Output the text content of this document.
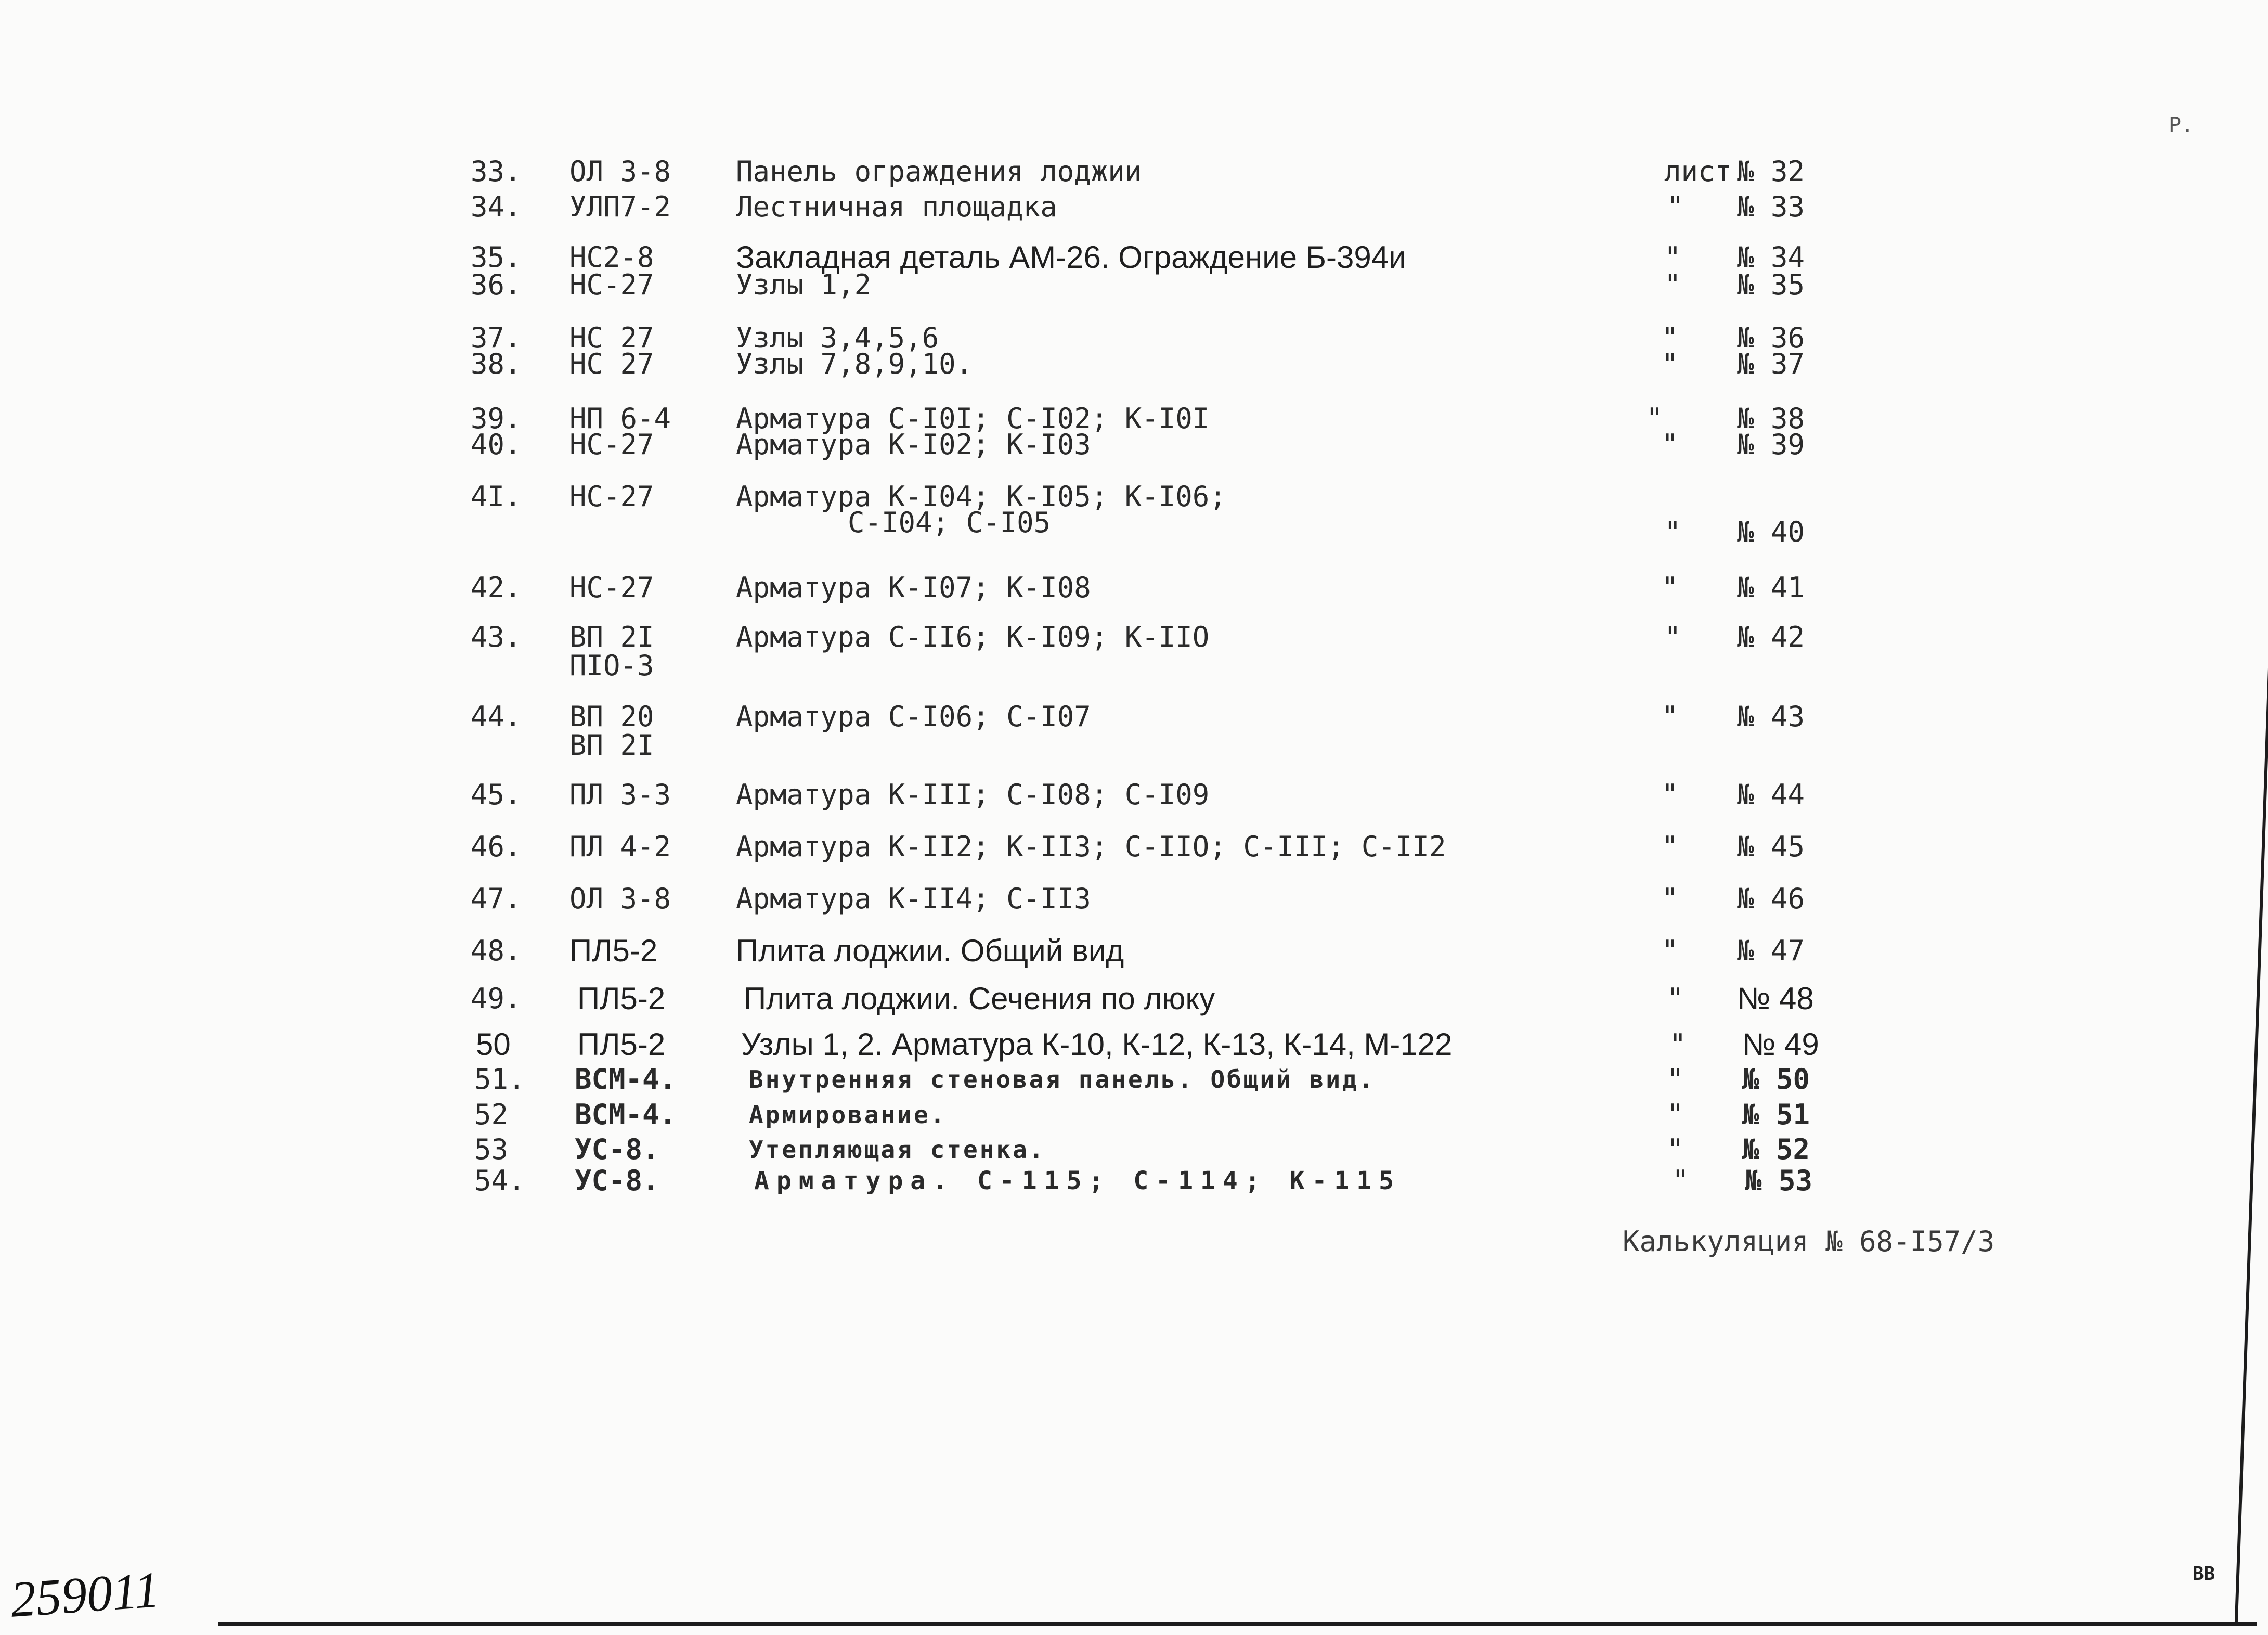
Р.
33. ОЛ 3-8 Панель ограждения лоджии	лист № 32
34. УЛП7-2 Лестничная площадка	" № 33
35. НС2-8	Закладная деталь АМ-26. Ограждение Б-394и	" № 34
36. НС-27	Узлы 1,2	" № 35
37. НС 27	Узлы 3,4,5,6	" № 36
38. НС 27	Узлы 7,8,9,10.	" № 37
39. НП 6-4 Арматура С-I0I; С-I02; К-I0I	"	№ 38
40. НС-27	Арматура К-I02; К-I03	" № 39
4I. НС-27	Арматура К-I04; К-I05; К-I06;
С-I04; С-I05	" № 40
42. НС-27	Арматура К-I07; К-I08	" № 41
43. ВП 2I
ПIО-3
Арматура С-II6; К-I09; К-IIО	" № 42
44. ВП 20
ВП 2I
Арматура С-I06; С-I07	" № 43
45. ПЛ 3-3 Арматура К-III; С-I08; С-I09	" № 44
46. ПЛ 4-2 Арматура К-II2; К-II3; С-IIО; С-III; С-II2	" № 45
47. ОЛ 3-8 Арматура К-II4; С-II3	" № 46
48. ПЛ5-2	Плита лоджии. Общий вид	" № 47
49. ПЛ5-2	Плита лоджии. Сечения по люку	" № 48
50 ПЛ5-2 Узлы 1, 2. Арматура К-10, К-12, К-13, К-14, М-122	" № 49
51. ВСМ-4.	Внутренняя стеновая панель. Общий вид.	" № 50
52 ВСМ-4.	Армирование.	" № 51
53 УС-8.	Утепляющая стенка.	" № 52
54. УС-8.	Арматура. С-115; С-114; К-115	" № 53
Калькуляция № 68-I57/3
259011	ВВ
